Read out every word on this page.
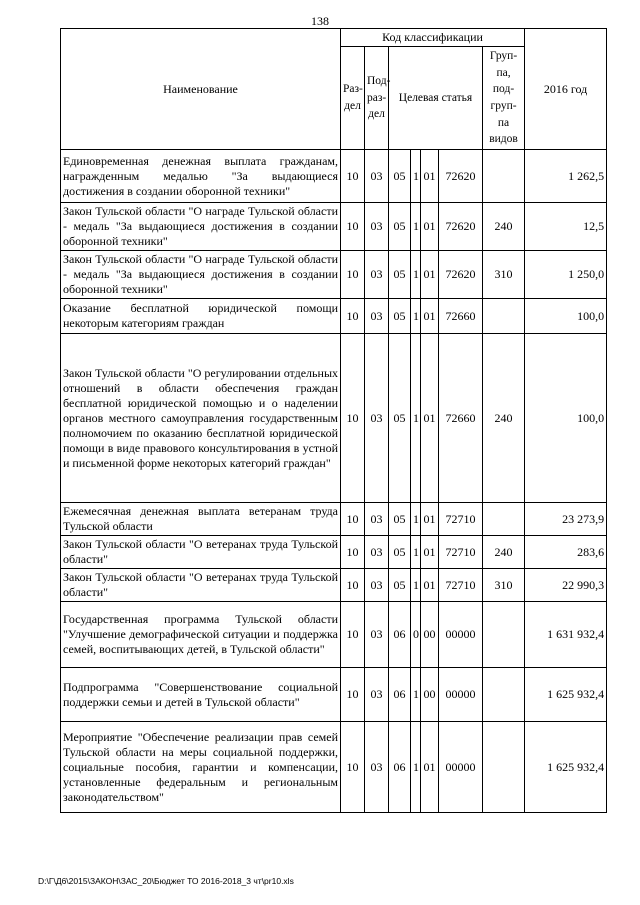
138
Наименование	Код классификации							2016 год
	Раз-дел	Под-раз-дел	Целевая статья				Груп-па, под-груп-па видов	
Единовременная денежная выплата гражданам, награжденным медалью "За выдающиеся достижения в создании оборонной техники"	10	03	05	1	01	72620		1 262,5
Закон Тульской области "О награде Тульской области - медаль "За выдающиеся достижения в создании оборонной техники"	10	03	05	1	01	72620	240	12,5
Закон Тульской области "О награде Тульской области - медаль "За выдающиеся достижения в создании оборонной техники"	10	03	05	1	01	72620	310	1 250,0
Оказание бесплатной юридической помощи некоторым категориям граждан	10	03	05	1	01	72660		100,0
Закон Тульской области "О регулировании отдельных отношений в области обеспечения граждан бесплатной юридической помощью и о наделении органов местного самоуправления государственным полномочием по оказанию бесплатной юридической помощи в виде правового консультирования в устной и письменной форме некоторых категорий граждан"	10	03	05	1	01	72660	240	100,0
Ежемесячная денежная выплата ветеранам труда Тульской области	10	03	05	1	01	72710		23 273,9
Закон Тульской области "О ветеранах труда Тульской области"	10	03	05	1	01	72710	240	283,6
Закон Тульской области "О ветеранах труда Тульской области"	10	03	05	1	01	72710	310	22 990,3
Государственная программа Тульской области "Улучшение демографической ситуации и поддержка семей, воспитывающих детей, в Тульской области"	10	03	06	0	00	00000		1 631 932,4
Подпрограмма "Совершенствование социальной поддержки семьи и детей в Тульской области"	10	03	06	1	00	00000		1 625 932,4
Мероприятие "Обеспечение реализации прав семей Тульской области на меры социальной поддержки, социальные пособия, гарантии и компенсации, установленные федеральным и региональным законодательством"	10	03	06	1	01	00000		1 625 932,4
D:\Г\Д6\2015\ЗАКОН\ЗАС_20\Бюджет ТО 2016-2018_3 чт\pr10.xls
